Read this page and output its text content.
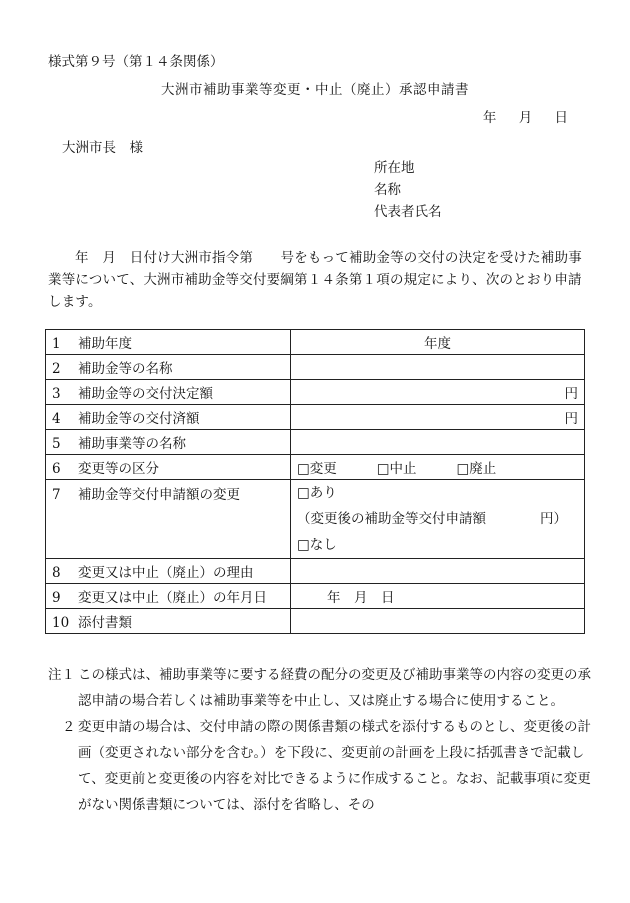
様式第９号（第１４条関係）
大洲市補助事業等変更・中止（廃止）承認申請書
年 月 日
大洲市長　様
所在地
名称
代表者氏名
年　月　日付け大洲市指令第　　号をもって補助金等の交付の決定を受けた補助事業等について、大洲市補助金等交付要綱第１４条第１項の規定により、次のとおり申請します。
1 補助年度	年度
2 補助金等の名称	
3 補助金等の交付決定額	円
4 補助金等の交付済額	円
5 補助事業等の名称	
6 変更等の区分	□変更 □中止 □廃止
7 補助金等交付申請額の変更	□あり
（変更後の補助金等交付申請額　　　　円）
□なし

8 変更又は中止（廃止）の理由	
9 変更又は中止（廃止）の年月日	年　月　日
10 添付書類	
注１ この様式は、補助事業等に要する経費の配分の変更及び補助事業等の内容の変更の承認申請の場合若しくは補助事業等を中止し、又は廃止する場合に使用すること。
２ 変更申請の場合は、交付申請の際の関係書類の様式を添付するものとし、変更後の計画（変更されない部分を含む。）を下段に、変更前の計画を上段に括弧書きで記載して、変更前と変更後の内容を対比できるように作成すること。なお、記載事項に変更がない関係書類については、添付を省略し、その
